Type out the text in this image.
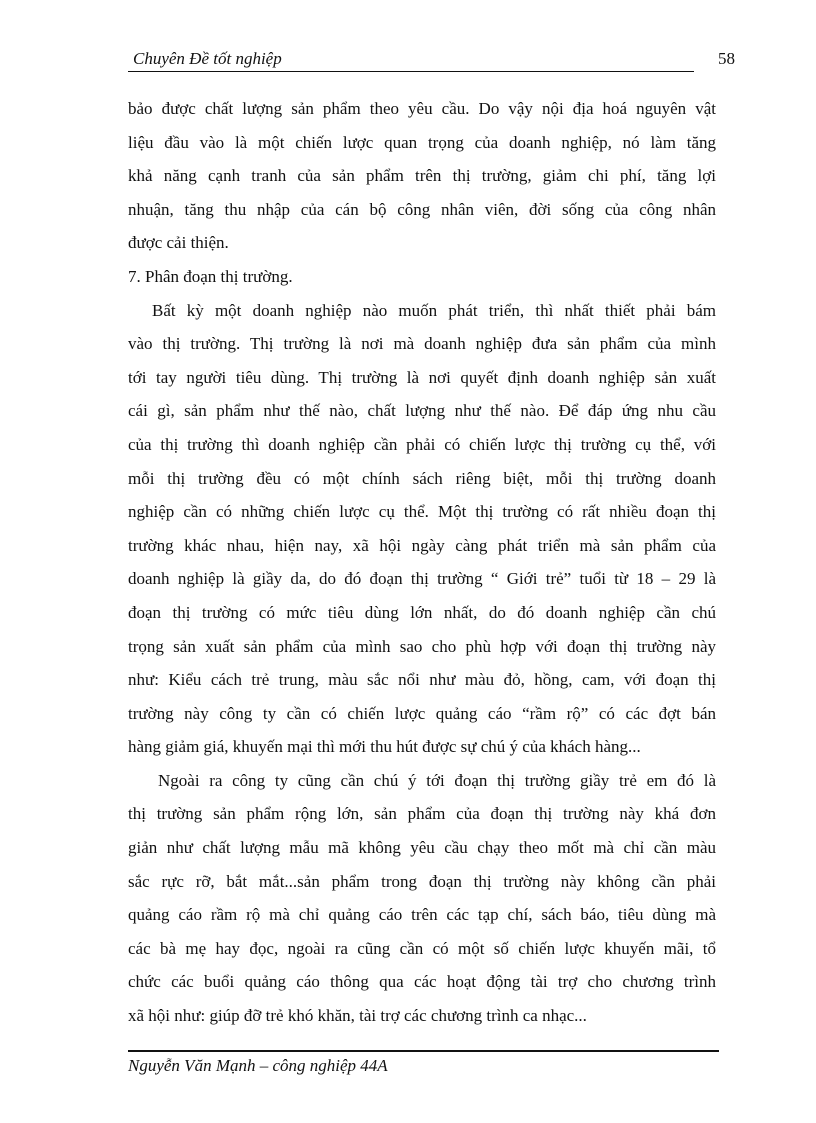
Chuyên Đề tốt nghiệp	58
bảo được chất lượng sản phẩm theo yêu cầu. Do vậy nội địa hoá nguyên vật
liệu đầu vào là một chiến lược quan trọng của doanh nghiệp, nó làm tăng
khả năng cạnh tranh của sản phẩm trên thị trường, giảm chi phí, tăng lợi
nhuận, tăng thu nhập của cán bộ công nhân viên, đời sống của công nhân
được cải thiện.
7. Phân đoạn thị trường.
Bất kỳ một doanh nghiệp nào muốn phát triển, thì nhất thiết phải bám
vào thị trường. Thị trường là nơi mà doanh nghiệp đưa sản phẩm của mình
tới tay người tiêu dùng. Thị trường là nơi quyết định doanh nghiệp sản xuất
cái gì, sản phẩm như thế nào, chất lượng như thế nào. Để đáp ứng nhu cầu
của thị trường thì doanh nghiệp cần phải có chiến lược thị trường cụ thể, với
mỗi thị trường đều có một chính sách riêng biệt, mỗi thị trường doanh
nghiệp cần có những chiến lược cụ thể. Một thị trường có rất nhiều đoạn thị
trường khác nhau, hiện nay, xã hội ngày càng phát triển mà sản phẩm của
doanh nghiệp là giầy da, do đó đoạn thị trường “ Giới trẻ” tuổi từ 18 – 29 là
đoạn thị trường có mức tiêu dùng lớn nhất, do đó doanh nghiệp cần chú
trọng sản xuất sản phẩm của mình sao cho phù hợp với đoạn thị trường này
như: Kiểu cách trẻ trung, màu sắc nổi như màu đỏ, hồng, cam, với đoạn thị
trường này công ty cần có chiến lược quảng cáo “rầm rộ” có các đợt bán
hàng giảm giá, khuyến mại thì mới thu hút được sự chú ý của khách hàng...
Ngoài ra công ty cũng cần chú ý tới đoạn thị trường giầy trẻ em đó là
thị trường sản phẩm rộng lớn, sản phẩm của đoạn thị trường này khá đơn
giản như chất lượng mẫu mã không yêu cầu chạy theo mốt mà chỉ cần màu
sắc rực rỡ, bắt mắt...sản phẩm trong đoạn thị trường này không cần phải
quảng cáo rầm rộ mà chỉ quảng cáo trên các tạp chí, sách báo, tiêu dùng mà
các bà mẹ hay đọc, ngoài ra cũng cần có một số chiến lược khuyến mãi, tổ
chức các buổi quảng cáo thông qua các hoạt động tài trợ cho chương trình
xã hội như: giúp đỡ trẻ khó khăn, tài trợ các chương trình ca nhạc...
Nguyễn Văn Mạnh – công nghiệp 44A
